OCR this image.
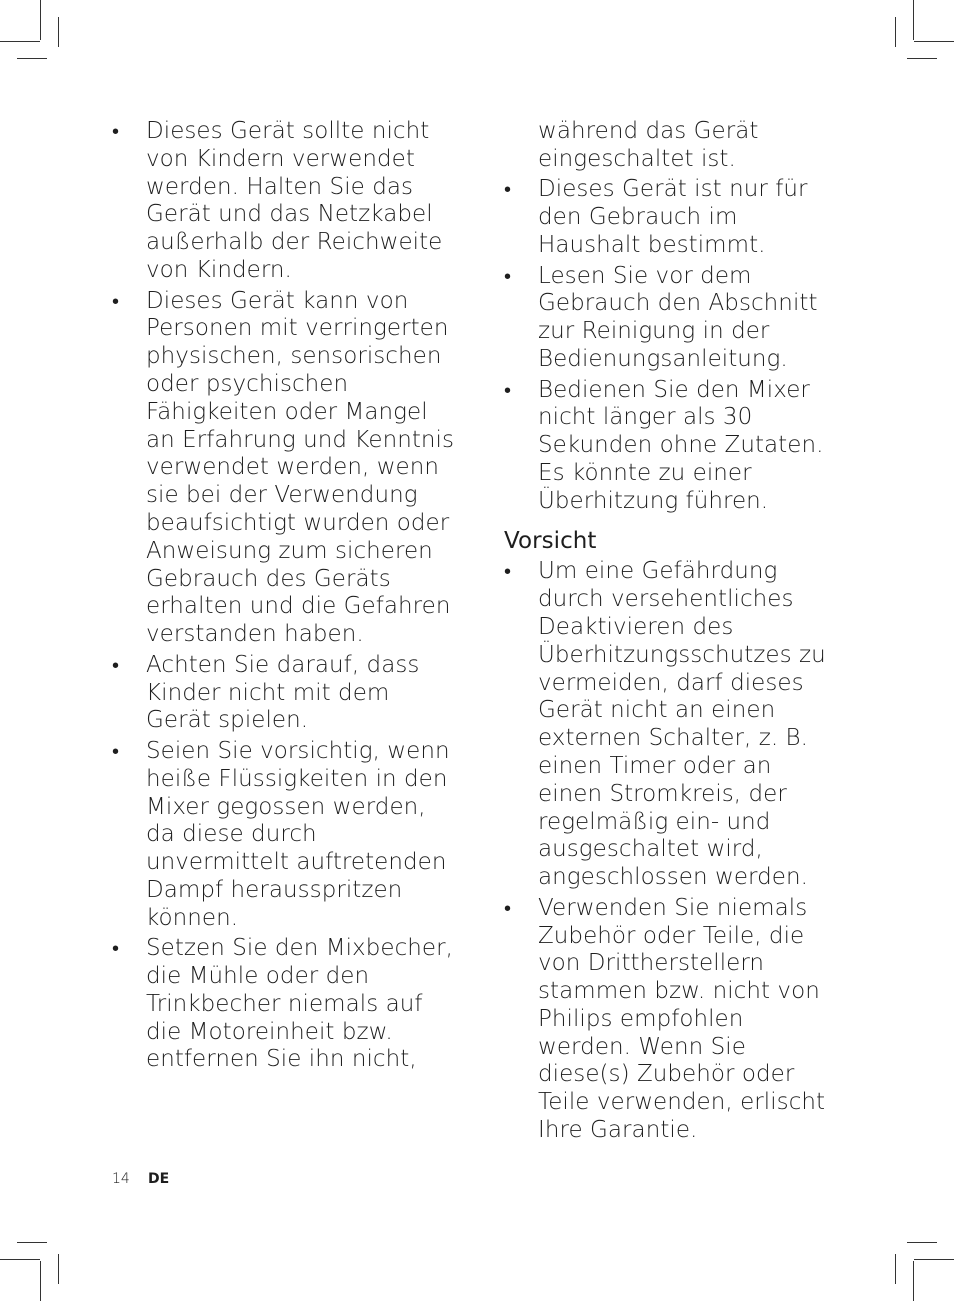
•	Dieses Gerät sollte nicht von Kindern verwendet werden. Halten Sie das Gerät und das Netzkabel außerhalb der Reichweite von Kindern.
•	Dieses Gerät kann von Personen mit verringerten physischen, sensorischen oder psychischen Fähigkeiten oder Mangel an Erfahrung und Kenntnis verwendet werden, wenn sie bei der Verwendung beaufsichtigt wurden oder Anweisung zum sicheren Gebrauch des Geräts erhalten und die Gefahren verstanden haben.
•	Achten Sie darauf, dass Kinder nicht mit dem Gerät spielen.
•	Seien Sie vorsichtig, wenn heiße Flüssigkeiten in den Mixer gegossen werden, da diese durch unvermittelt auftretenden Dampf herausspritzen können.
•	Setzen Sie den Mixbecher, die Mühle oder den Trinkbecher niemals auf die Motoreinheit bzw. entfernen Sie ihn nicht,
während das Gerät eingeschaltet ist.
•	Dieses Gerät ist nur für den Gebrauch im Haushalt bestimmt.
•	Lesen Sie vor dem Gebrauch den Abschnitt zur Reinigung in der Bedienungsanleitung.
•	Bedienen Sie den Mixer nicht länger als 30 Sekunden ohne Zutaten. Es könnte zu einer Überhitzung führen.
Vorsicht
•	Um eine Gefährdung durch versehentliches Deaktivieren des Überhitzungsschutzes zu vermeiden, darf dieses Gerät nicht an einen externen Schalter, z. B. einen Timer oder an einen Stromkreis, der regelmäßig ein- und ausgeschaltet wird, angeschlossen werden.
•	Verwenden Sie niemals Zubehör oder Teile, die von Drittherstellern stammen bzw. nicht von Philips empfohlen werden. Wenn Sie diese(s) Zubehör oder Teile verwenden, erlischt Ihre Garantie.
14 DE
